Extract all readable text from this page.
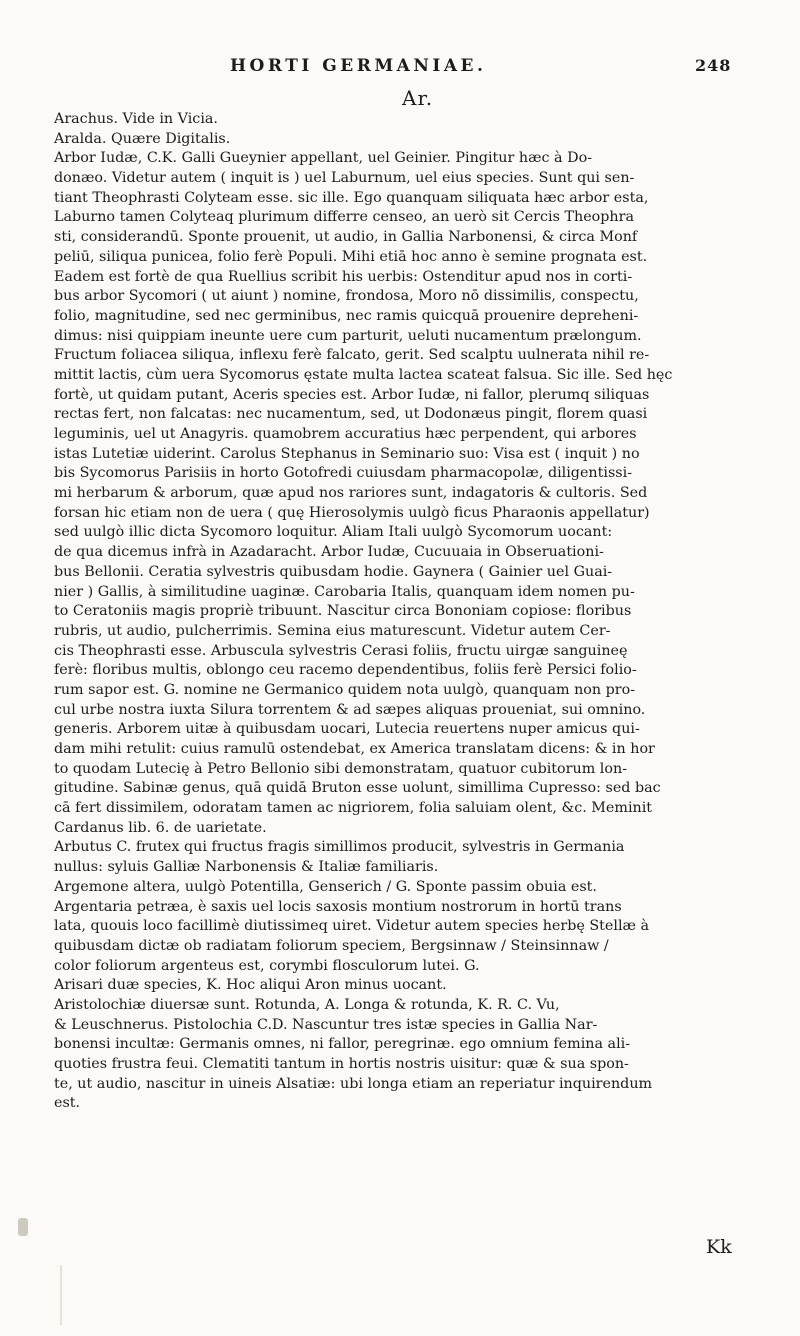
HORTI GERMANIAE.	248
Ar.
Arachus. Vide in Vicia.
Aralda. Quære Digitalis.
Arbor Iudæ, C.K. Galli Gueynier appellant, uel Geinier. Pingitur hæc à Do-
donæo. Videtur autem ( inquit is ) uel Laburnum, uel eius species. Sunt qui sen-
tiant Theophrasti Colyteam esse. sic ille. Ego quanquam siliquata hæc arbor esta,
Laburno tamen Colyteaq plurimum differre censeo, an uerò sit Cercis Theophra
sti, considerandū. Sponte prouenit, ut audio, in Gallia Narbonensi, & circa Monf
peliū, siliqua punicea, folio ferè Populi. Mihi etiā hoc anno è semine prognata est.
Eadem est fortè de qua Ruellius scribit his uerbis: Ostenditur apud nos in corti-
bus arbor Sycomori ( ut aiunt ) nomine, frondosa, Moro nō dissimilis, conspectu,
folio, magnitudine, sed nec germinibus, nec ramis quicquā prouenire depreheni-
dimus: nisi quippiam ineunte uere cum parturit, ueluti nucamentum prælongum.
Fructum foliacea siliqua, inflexu ferè falcato, gerit. Sed scalptu uulnerata nihil re-
mittit lactis, cùm uera Sycomorus ęstate multa lactea scateat falsua. Sic ille. Sed hęc
fortè, ut quidam putant, Aceris species est. Arbor Iudæ, ni fallor, plerumq siliquas
rectas fert, non falcatas: nec nucamentum, sed, ut Dodonæus pingit, florem quasi
leguminis, uel ut Anagyris. quamobrem accuratius hæc perpendent, qui arbores
istas Lutetiæ uiderint. Carolus Stephanus in Seminario suo: Visa est ( inquit ) no
bis Sycomorus Parisiis in horto Gotofredi cuiusdam pharmacopolæ, diligentissi-
mi herbarum & arborum, quæ apud nos rariores sunt, indagatoris & cultoris. Sed
forsan hic etiam non de uera ( quę Hierosolymis uulgò ficus Pharaonis appellatur)
sed uulgò illic dicta Sycomoro loquitur. Aliam Itali uulgò Sycomorum uocant:
de qua dicemus infrà in Azadaracht. Arbor Iudæ, Cucuuaia in Obseruationi-
bus Bellonii. Ceratia sylvestris quibusdam hodie. Gaynera ( Gainier uel Guai-
nier ) Gallis, à similitudine uaginæ. Carobaria Italis, quanquam idem nomen pu-
to Ceratoniis magis propriè tribuunt. Nascitur circa Bononiam copiose: floribus
rubris, ut audio, pulcherrimis. Semina eius maturescunt. Videtur autem Cer-
cis Theophrasti esse. Arbuscula sylvestris Cerasi foliis, fructu uirgæ sanguineę
ferè: floribus multis, oblongo ceu racemo dependentibus, foliis ferè Persici folio-
rum sapor est. G. nomine ne Germanico quidem nota uulgò, quanquam non pro-
cul urbe nostra iuxta Silura torrentem & ad sæpes aliquas proueniat, sui omnino.
generis. Arborem uitæ à quibusdam uocari, Lutecia reuertens nuper amicus qui-
dam mihi retulit: cuius ramulū ostendebat, ex America translatam dicens: & in hor
to quodam Lutecię à Petro Bellonio sibi demonstratam, quatuor cubitorum lon-
gitudine. Sabinæ genus, quā quidā Bruton esse uolunt, simillima Cupresso: sed bac
cā fert dissimilem, odoratam tamen ac nigriorem, folia saluiam olent, &c. Meminit
Cardanus lib. 6. de uarietate.
Arbutus C. frutex qui fructus fragis simillimos producit, sylvestris in Germania
nullus: syluis Galliæ Narbonensis & Italiæ familiaris.
Argemone altera, uulgò Potentilla, Genserich / G. Sponte passim obuia est.
Argentaria petræa, è saxis uel locis saxosis montium nostrorum in hortū trans
lata, quouis loco facillimè diutissimeq uiret. Videtur autem species herbę Stellæ à
quibusdam dictæ ob radiatam foliorum speciem, Bergsinnaw / Steinsinnaw /
color foliorum argenteus est, corymbi flosculorum lutei. G.
Arisari duæ species, K. Hoc aliqui Aron minus uocant.
Aristolochiæ diuersæ sunt. Rotunda, A. Longa & rotunda, K. R. C. Vu,
& Leuschnerus. Pistolochia C.D. Nascuntur tres istæ species in Gallia Nar-
bonensi incultæ: Germanis omnes, ni fallor, peregrinæ. ego omnium femina ali-
quoties frustra feui. Clematiti tantum in hortis nostris uisitur: quæ & sua spon-
te, ut audio, nascitur in uineis Alsatiæ: ubi longa etiam an reperiatur inquirendum
est.
Kk
